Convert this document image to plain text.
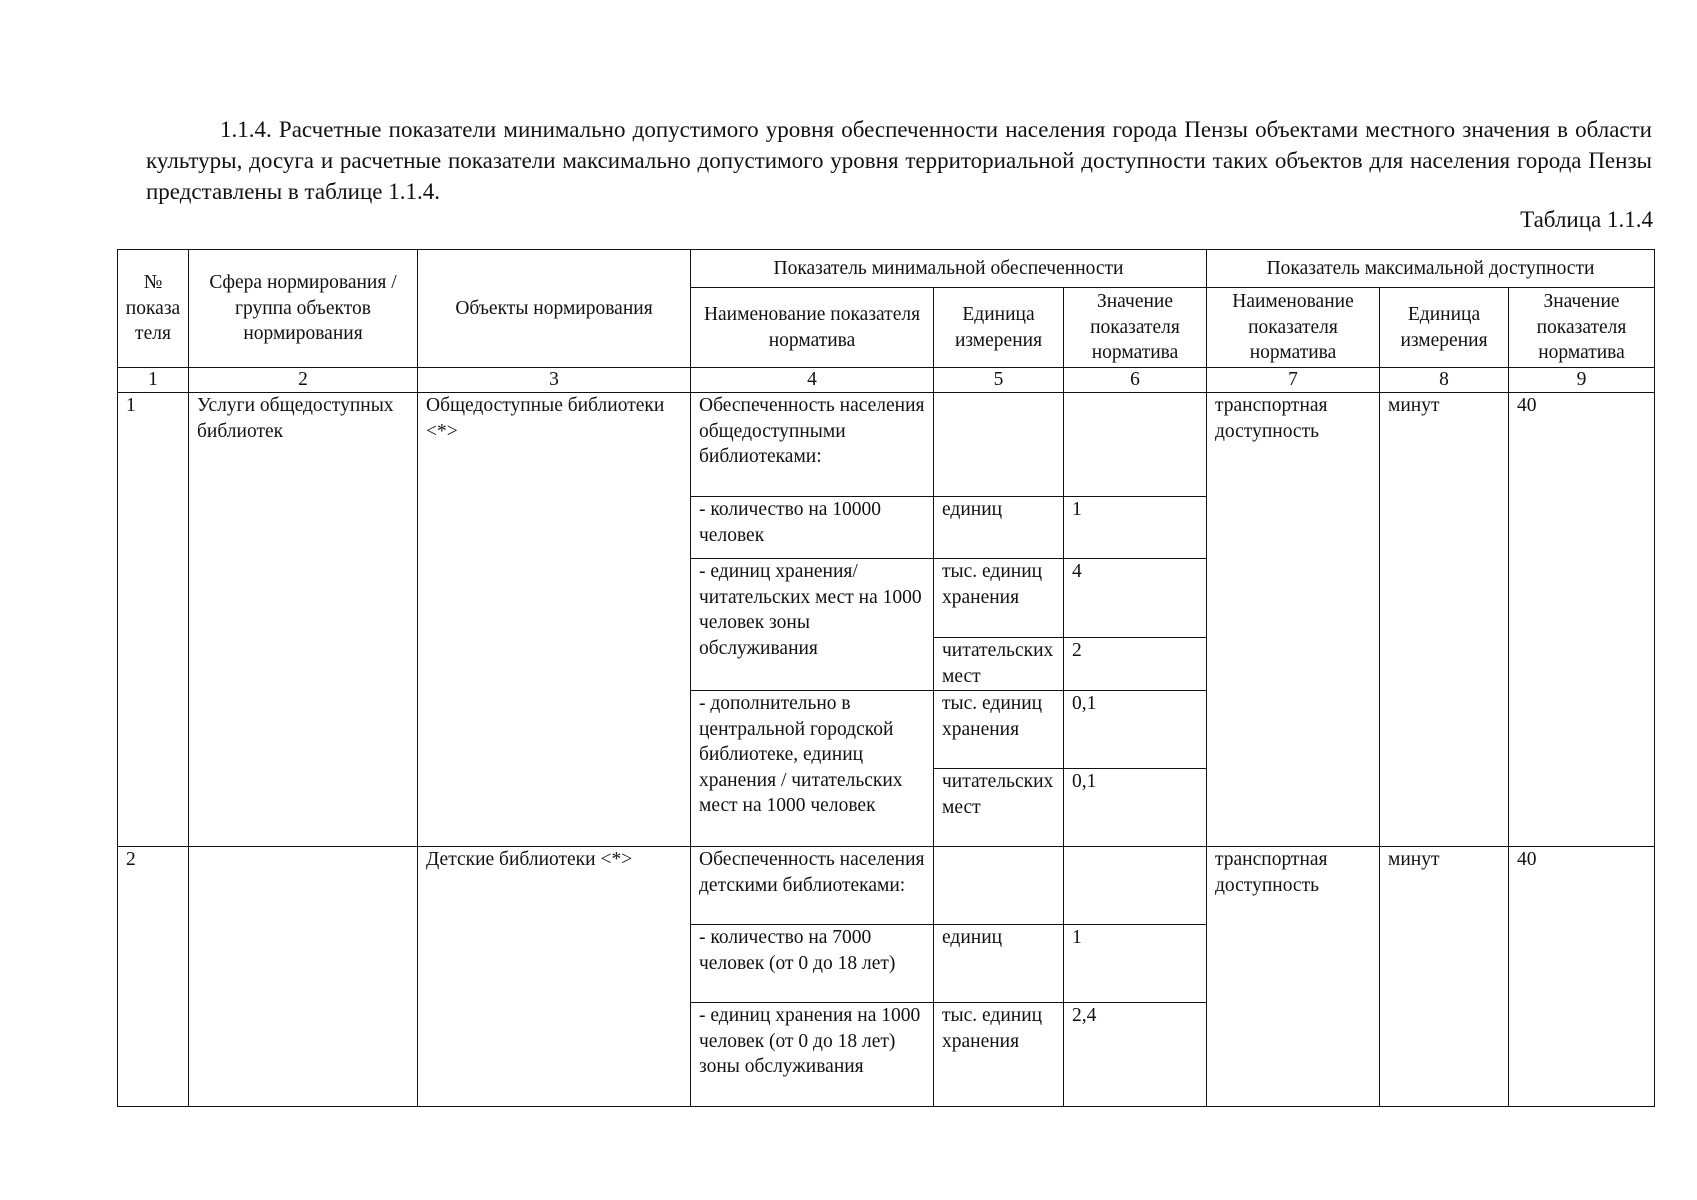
1.1.4. Расчетные показатели минимально допустимого уровня обеспеченности населения города Пензы объектами местного значения в области культуры, досуга и расчетные показатели максимально допустимого уровня территориальной доступности таких объектов для населения города Пензы представлены в таблице 1.1.4.

Таблица 1.1.4

№ показа теля	Сфера нормирования / группа объектов нормирования	Объекты нормирования	Показатель минимальной обеспеченности			Показатель максимальной доступности		
			Наименование показателя норматива	Единица измерения	Значение показателя норматива	Наименование показателя норматива	Единица измерения	Значение показателя норматива
1	2	3	4	5	6	7	8	9
1	Услуги общедоступных библиотек	Общедоступные библиотеки <*>	Обеспеченность населения общедоступными библиотеками:			транспортная доступность	минут	40
			- количество на 10000 человек	единиц	1			
			- единиц хранения/ читательских мест на 1000 человек зоны обслуживания	тыс. единиц хранения	4			
				читательских мест	2			
			- дополнительно в центральной городской библиотеке, единиц хранения / читательских мест на 1000 человек	тыс. единиц хранения	0,1			
				читательских мест	0,1			

2		Детские библиотеки <*>	Обеспеченность населения детскими библиотеками:			транспортная доступность	минут	40
			- количество на 7000 человек (от 0 до 18 лет)	единиц	1			
			- единиц хранения на 1000 человек (от 0 до 18 лет) зоны обслуживания	тыс. единиц хранения	2,4			
